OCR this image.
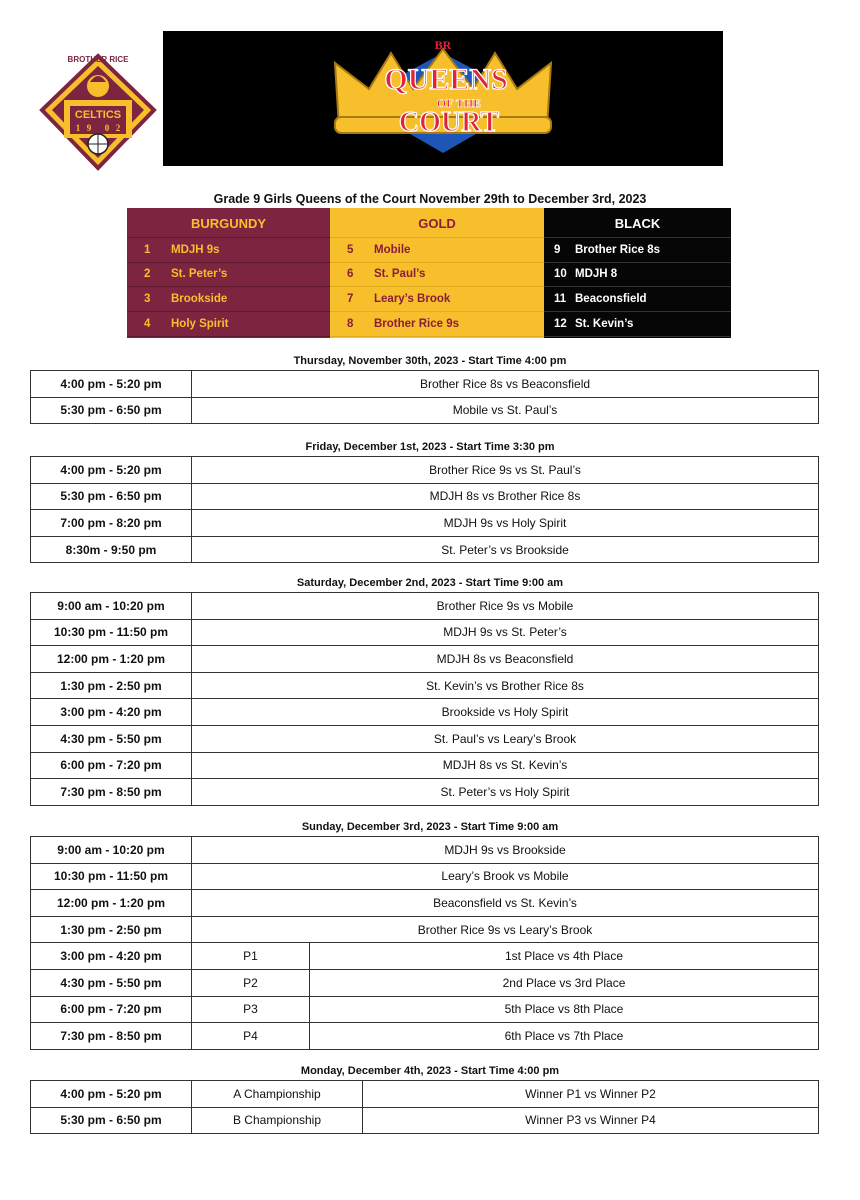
BROTHER RICE
CELTICS
1 9 0 2
BR
QUEENS
OF THE
COURT
Grade 9 Girls Queens of the Court November 29th to December 3rd, 2023
BURGUNDY
1 MDJH 9s
2 St. Peter’s
3 Brookside
4 Holy Spirit
GOLD
5 Mobile
6 St. Paul’s
7 Leary’s Brook
8 Brother Rice 9s
BLACK
9 Brother Rice 8s
10 MDJH 8
11 Beaconsfield
12 St. Kevin’s
Thursday, November 30th, 2023 - Start Time 4:00 pm
4:00 pm - 5:20 pm	Brother Rice 8s vs Beaconsfield
5:30 pm - 6:50 pm	Mobile vs St. Paul’s
Friday, December 1st, 2023 - Start Time 3:30 pm
4:00 pm - 5:20 pm	Brother Rice 9s vs St. Paul’s
5:30 pm - 6:50 pm	MDJH 8s vs Brother Rice 8s
7:00 pm - 8:20 pm	MDJH 9s vs Holy Spirit
8:30m - 9:50 pm	St. Peter’s vs Brookside
Saturday, December 2nd, 2023 - Start Time 9:00 am
9:00 am - 10:20 pm	Brother Rice 9s vs Mobile
10:30 pm - 11:50 pm	MDJH 9s vs St. Peter’s
12:00 pm - 1:20 pm	MDJH 8s vs Beaconsfield
1:30 pm - 2:50 pm	St. Kevin’s vs Brother Rice 8s
3:00 pm - 4:20 pm	Brookside vs Holy Spirit
4:30 pm - 5:50 pm	St. Paul’s vs Leary’s Brook
6:00 pm - 7:20 pm	MDJH 8s vs St. Kevin’s
7:30 pm - 8:50 pm	St. Peter’s vs Holy Spirit
Sunday, December 3rd, 2023 - Start Time 9:00 am
9:00 am - 10:20 pm	MDJH 9s vs Brookside	
10:30 pm - 11:50 pm	Leary’s Brook vs Mobile	
12:00 pm - 1:20 pm	Beaconsfield vs St. Kevin’s	
1:30 pm - 2:50 pm	Brother Rice 9s vs Leary’s Brook	
3:00 pm - 4:20 pm	P1	1st Place vs 4th Place
4:30 pm - 5:50 pm	P2	2nd Place vs 3rd Place
6:00 pm - 7:20 pm	P3	5th Place vs 8th Place
7:30 pm - 8:50 pm	P4	6th Place vs 7th Place
Monday, December 4th, 2023 - Start Time 4:00 pm
4:00 pm - 5:20 pm	A Championship	Winner P1 vs Winner P2
5:30 pm - 6:50 pm	B Championship	Winner P3 vs Winner P4
